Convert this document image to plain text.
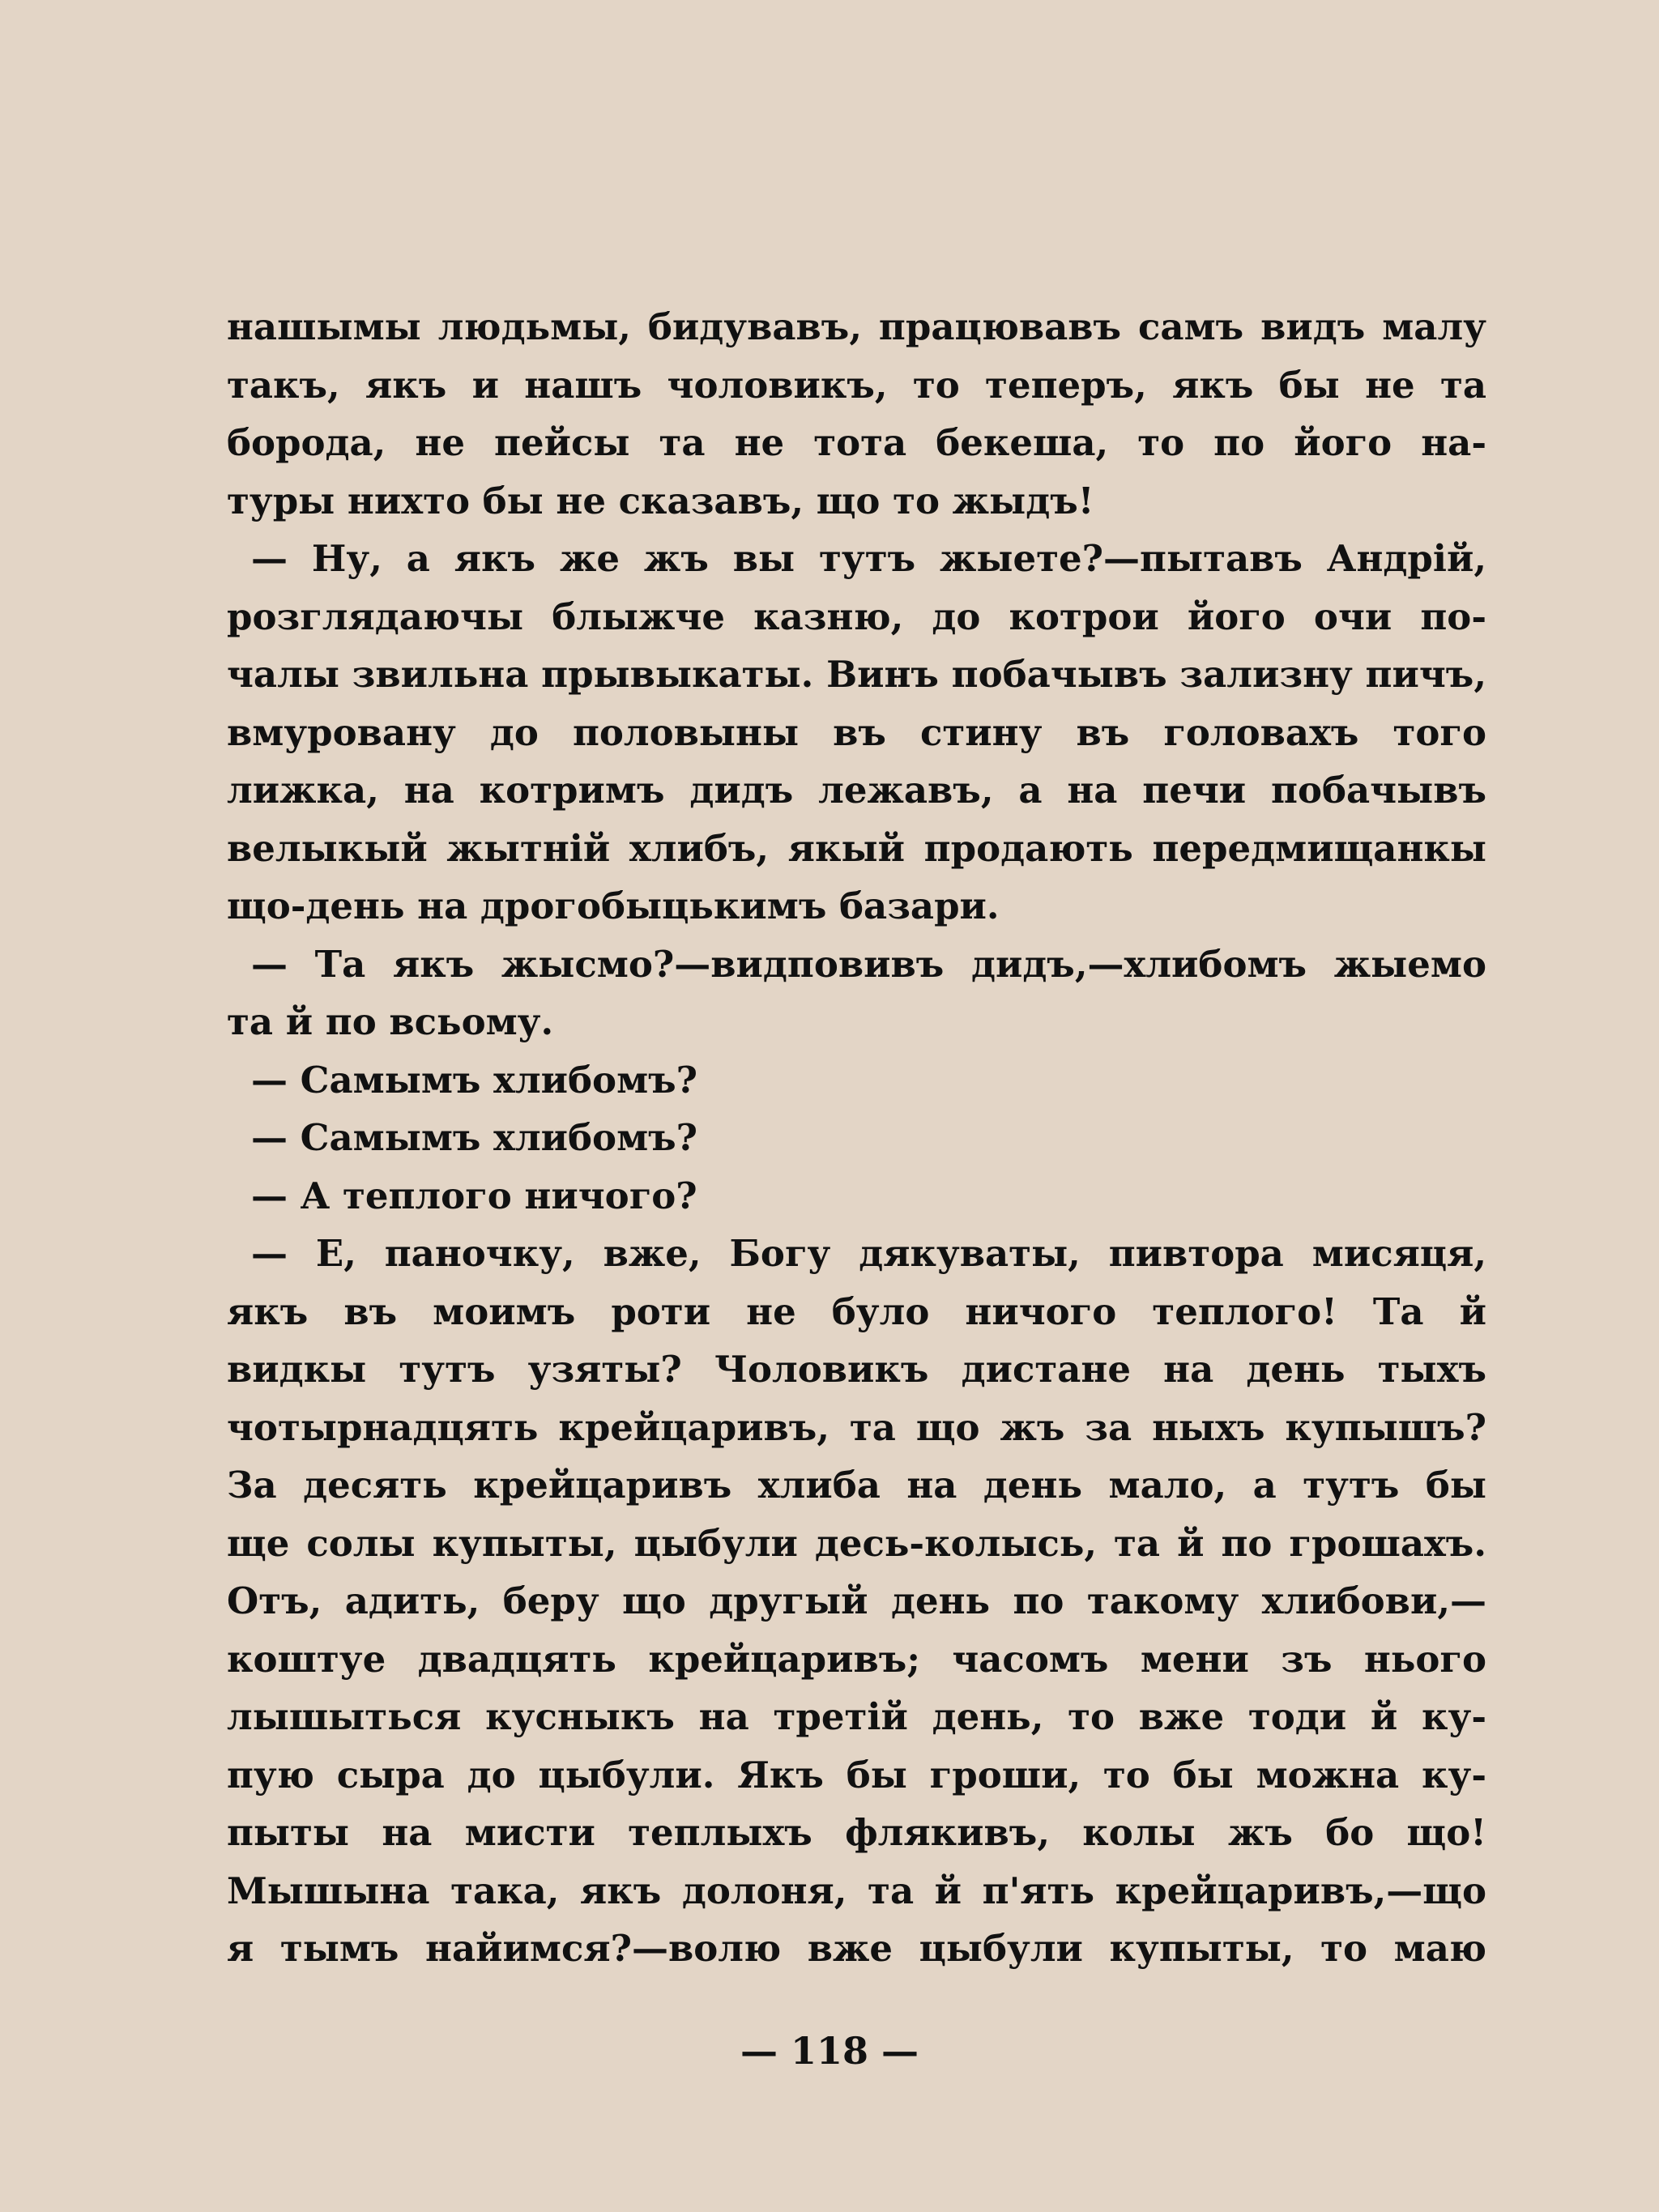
нашымы людьмы, бидувавъ, працювавъ самъ видъ малу
такъ, якъ и нашъ чоловикъ, то теперъ, якъ бы не та
борода, не пейсы та не тота бекеша, то по його на-
туры нихто бы не сказавъ, що то жыдъ!
— Ну, а якъ же жъ вы тутъ жыете?—пытавъ Андрій,
розглядаючы блыжче казню, до котрои його очи по-
чалы звильна прывыкаты. Винъ побачывъ зализну пичъ,
вмуровану до половыны въ стину въ головахъ того
лижка, на котримъ дидъ лежавъ, а на печи побачывъ
велыкый жытній хлибъ, якый продають передмищанкы
що-день на дрогобыцькимъ базари.
— Та якъ жысмо?—видповивъ дидъ,—хлибомъ жыемо
та й по всьому.
— Самымъ хлибомъ?
— Самымъ хлибомъ?
— А теплого ничого?
— Е, паночку, вже, Богу дякуваты, пивтора мисяця,
якъ въ моимъ роти не було ничого теплого! Та й
видкы тутъ узяты? Чоловикъ дистане на день тыхъ
чотырнадцять крейцаривъ, та що жъ за ныхъ купышъ?
За десять крейцаривъ хлиба на день мало, а тутъ бы
ще солы купыты, цыбули десь-колысь, та й по грошахъ.
Отъ, адить, беру що другый день по такому хлибови,—
коштуе двадцять крейцаривъ; часомъ мени зъ нього
лышыться кусныкъ на третій день, то вже тоди й ку-
пую сыра до цыбули. Якъ бы гроши, то бы можна ку-
пыты на мисти теплыхъ флякивъ, колы жъ бо що!
Мышына така, якъ долоня, та й п'ять крейцаривъ,—що
я тымъ найимся?—волю вже цыбули купыты, то маю
— 118 —
